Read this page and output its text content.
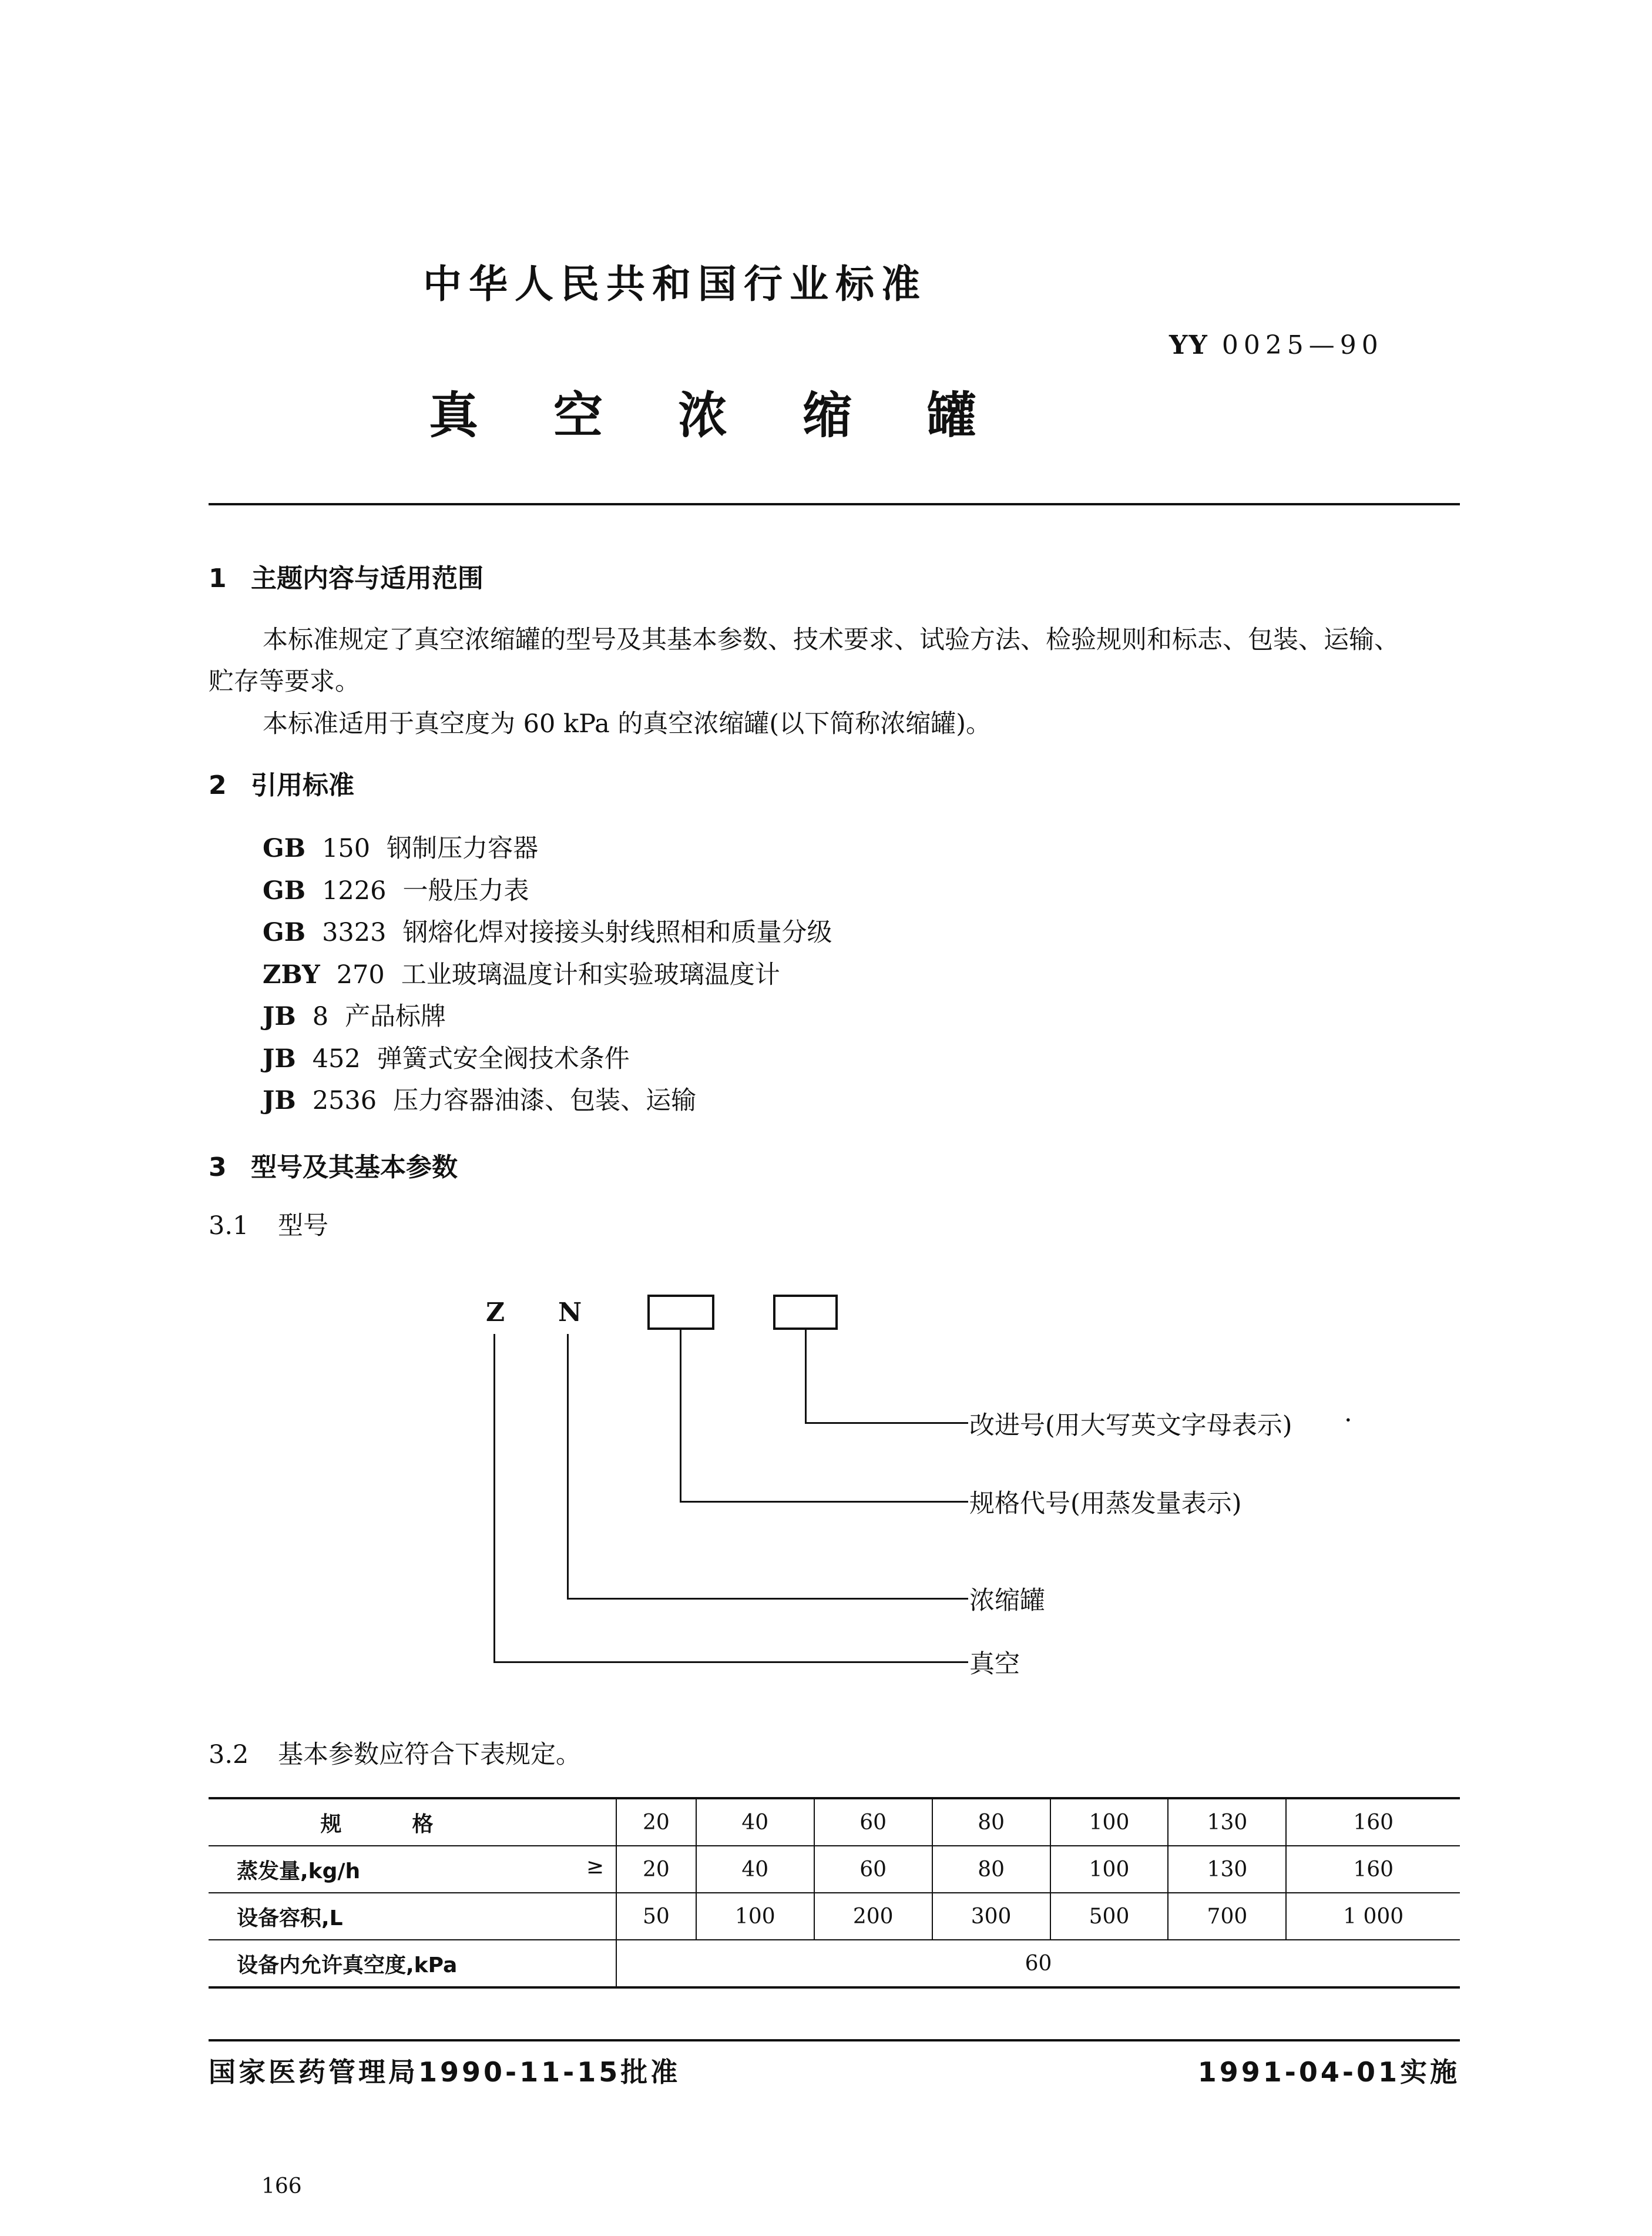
中华人民共和国行业标准
YY 0025—90
真空浓缩罐
1 主题内容与适用范围
本标准规定了真空浓缩罐的型号及其基本参数、技术要求、试验方法、检验规则和标志、包装、运输、
贮存等要求。
本标准适用于真空度为 60 kPa 的真空浓缩罐(以下简称浓缩罐)。
2 引用标准
GB 150 钢制压力容器
GB 1226 一般压力表
GB 3323 钢熔化焊对接接头射线照相和质量分级
ZBY 270 工业玻璃温度计和实验玻璃温度计
JB 8 产品标牌
JB 452 弹簧式安全阀技术条件
JB 2536 压力容器油漆、包装、运输
3 型号及其基本参数
3.1 型号
Z N
改进号(用大写英文字母表示) ·
规格代号(用蒸发量表示)
浓缩罐
真空
3.2 基本参数应符合下表规定。
规格	20	40	60	80	100	130	160
蒸发量,kg/h ≥	20	40	60	80	100	130	160
设备容积,L	50	100	200	300	500	700	1 000
设备内允许真空度,kPa	60						
国家医药管理局1990-11-15批准	1991-04-01实施
166
